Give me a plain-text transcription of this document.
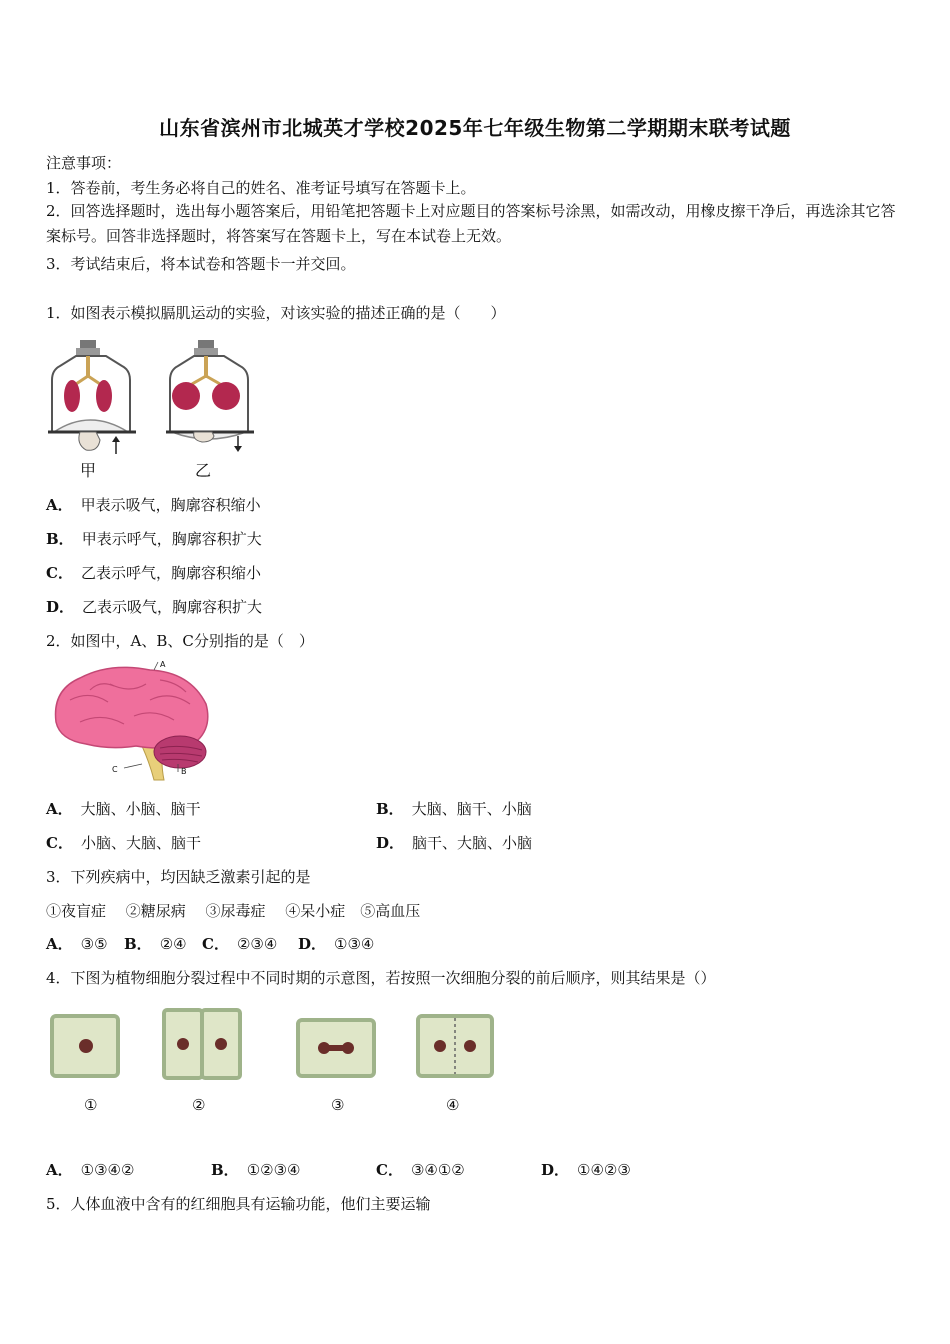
山东省滨州市北城英才学校2025年七年级生物第二学期期末联考试题
注意事项：
1．答卷前，考生务必将自己的姓名、准考证号填写在答题卡上。
2．回答选择题时，选出每小题答案后，用铅笔把答题卡上对应题目的答案标号涂黑，如需改动，用橡皮擦干净后，再选涂其它答案标号。回答非选择题时，将答案写在答题卡上，写在本试卷上无效。
3．考试结束后，将本试卷和答题卡一并交回。
1．如图表示模拟膈肌运动的实验，对该实验的描述正确的是（　　）
甲	乙
A． 甲表示吸气，胸廓容积缩小
B． 甲表示呼气，胸廓容积扩大
C． 乙表示呼气，胸廓容积缩小
D． 乙表示吸气，胸廓容积扩大
2．如图中，A、B、C分别指的是（　）
A
B
C
A． 大脑、小脑、脑干	B． 大脑、脑干、小脑
C． 小脑、大脑、脑干	D． 脑干、大脑、小脑
3．下列疾病中，均因缺乏激素引起的是
①夜盲症　 ②糖尿病　 ③尿毒症　 ④呆小症　⑤高血压
A． ③⑤ B． ②④ C． ②③④ D． ①③④
4．下图为植物细胞分裂过程中不同时期的示意图，若按照一次细胞分裂的前后顺序，则其结果是（）
①	②	③	④
A． ①③④②	B． ①②③④	C． ③④①②	D． ①④②③
5．人体血液中含有的红细胞具有运输功能，他们主要运输
